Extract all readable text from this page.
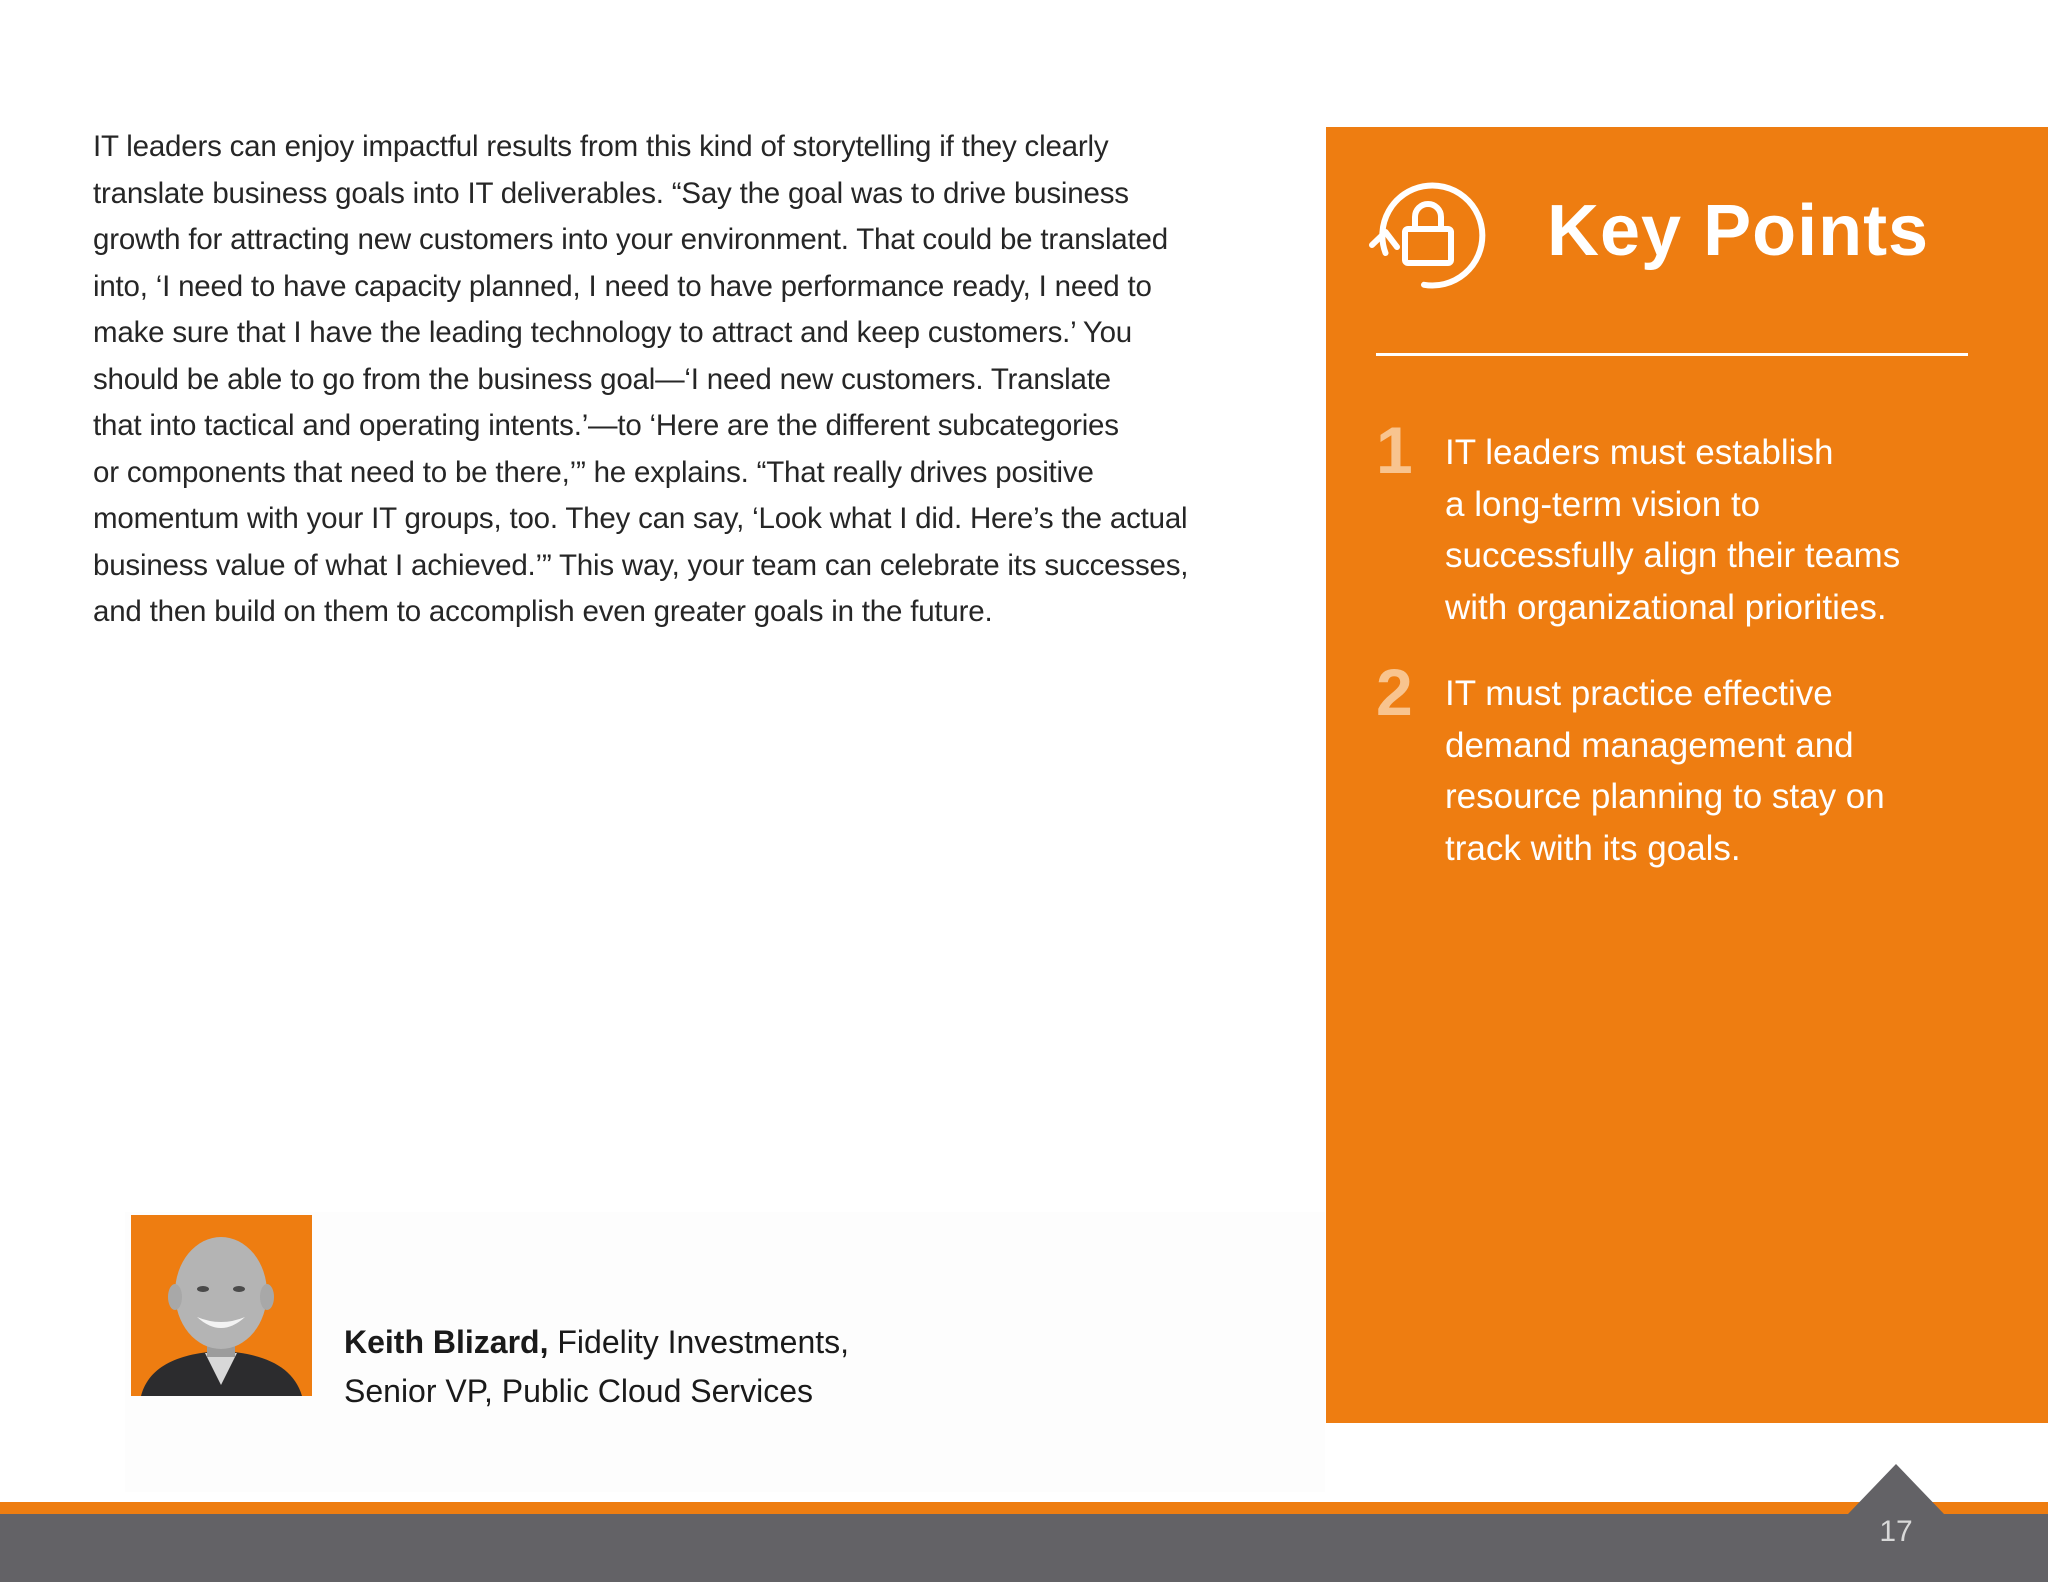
IT leaders can enjoy impactful results from this kind of storytelling if they clearly
translate business goals into IT deliverables. “Say the goal was to drive business
growth for attracting new customers into your environment. That could be translated
into, ‘I need to have capacity planned, I need to have performance ready, I need to
make sure that I have the leading technology to attract and keep customers.’ You
should be able to go from the business goal—‘I need new customers. Translate
that into tactical and operating intents.’—to ‘Here are the different subcategories
or components that need to be there,’” he explains. “That really drives positive
momentum with your IT groups, too. They can say, ‘Look what I did. Here’s the actual
business value of what I achieved.’” This way, your team can celebrate its successes,
and then build on them to accomplish even greater goals in the future.

Keith Blizard, Fidelity Investments,
Senior VP, Public Cloud Services
Key Points
1 IT leaders must establish
a long-term vision to
successfully align their teams
with organizational priorities.
2 IT must practice effective
demand management and
resource planning to stay on
track with its goals.
17
